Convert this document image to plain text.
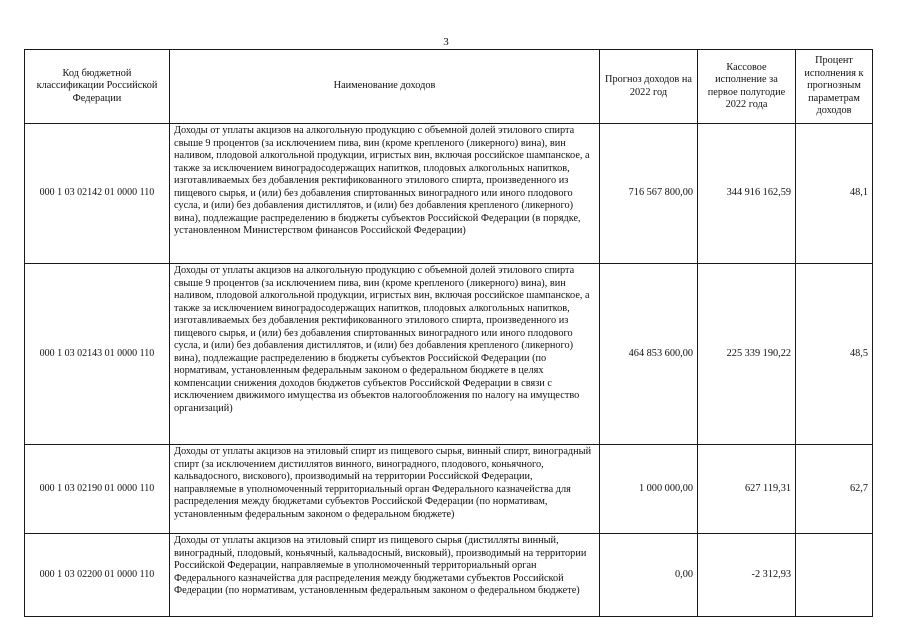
3
Код бюджетной классификации Российской Федерации	Наименование доходов	Прогноз доходов на 2022 год	Кассовое исполнение за первое полугодие 2022 года	Процент исполнения к прогнозным параметрам доходов
000 1 03 02142 01 0000 110	Доходы от уплаты акцизов на алкогольную продукцию с объемной долей этилового спирта свыше 9 процентов (за исключением пива, вин (кроме крепленого (ликерного) вина), вин наливом, плодовой алкогольной продукции, игристых вин, включая российское шампанское, а также за исключением виноградосодержащих напитков, плодовых алкогольных напитков, изготавливаемых без добавления ректификованного этилового спирта, произведенного из пищевого сырья, и (или) без добавления спиртованных виноградного или иного плодового сусла, и (или) без добавления дистиллятов, и (или) без добавления крепленого (ликерного) вина), подлежащие распределению в бюджеты субъектов Российской Федерации (в порядке, установленном Министерством финансов Российской Федерации)	716 567 800,00	344 916 162,59	48,1
000 1 03 02143 01 0000 110	Доходы от уплаты акцизов на алкогольную продукцию с объемной долей этилового спирта свыше 9 процентов (за исключением пива, вин (кроме крепленого (ликерного) вина), вин наливом, плодовой алкогольной продукции, игристых вин, включая российское шампанское, а также за исключением виноградосодержащих напитков, плодовых алкогольных напитков, изготавливаемых без добавления ректификованного этилового спирта, произведенного из пищевого сырья, и (или) без добавления спиртованных виноградного или иного плодового сусла, и (или) без добавления дистиллятов, и (или) без добавления крепленого (ликерного) вина), подлежащие распределению в бюджеты субъектов Российской Федерации (по нормативам, установленным федеральным законом о федеральном бюджете в целях компенсации снижения доходов бюджетов субъектов Российской Федерации в связи с исключением движимого имущества из объектов налогообложения по налогу на имущество организаций)	464 853 600,00	225 339 190,22	48,5
000 1 03 02190 01 0000 110	Доходы от уплаты акцизов на этиловый спирт из пищевого сырья, винный спирт, виноградный спирт (за исключением дистиллятов винного, виноградного, плодового, коньячного, кальвадосного, вискового), производимый на территории Российской Федерации, направляемые в уполномоченный территориальный орган Федерального казначейства для распределения между бюджетами субъектов Российской Федерации (по нормативам, установленным федеральным законом о федеральном бюджете)	1 000 000,00	627 119,31	62,7
000 1 03 02200 01 0000 110	Доходы от уплаты акцизов на этиловый спирт из пищевого сырья (дистилляты винный, виноградный, плодовый, коньячный, кальвадосный, висковый), производимый на территории Российской Федерации, направляемые в уполномоченный территориальный орган Федерального казначейства для распределения между бюджетами субъектов Российской Федерации (по нормативам, установленным федеральным законом о федеральном бюджете)	0,00	-2 312,93	
